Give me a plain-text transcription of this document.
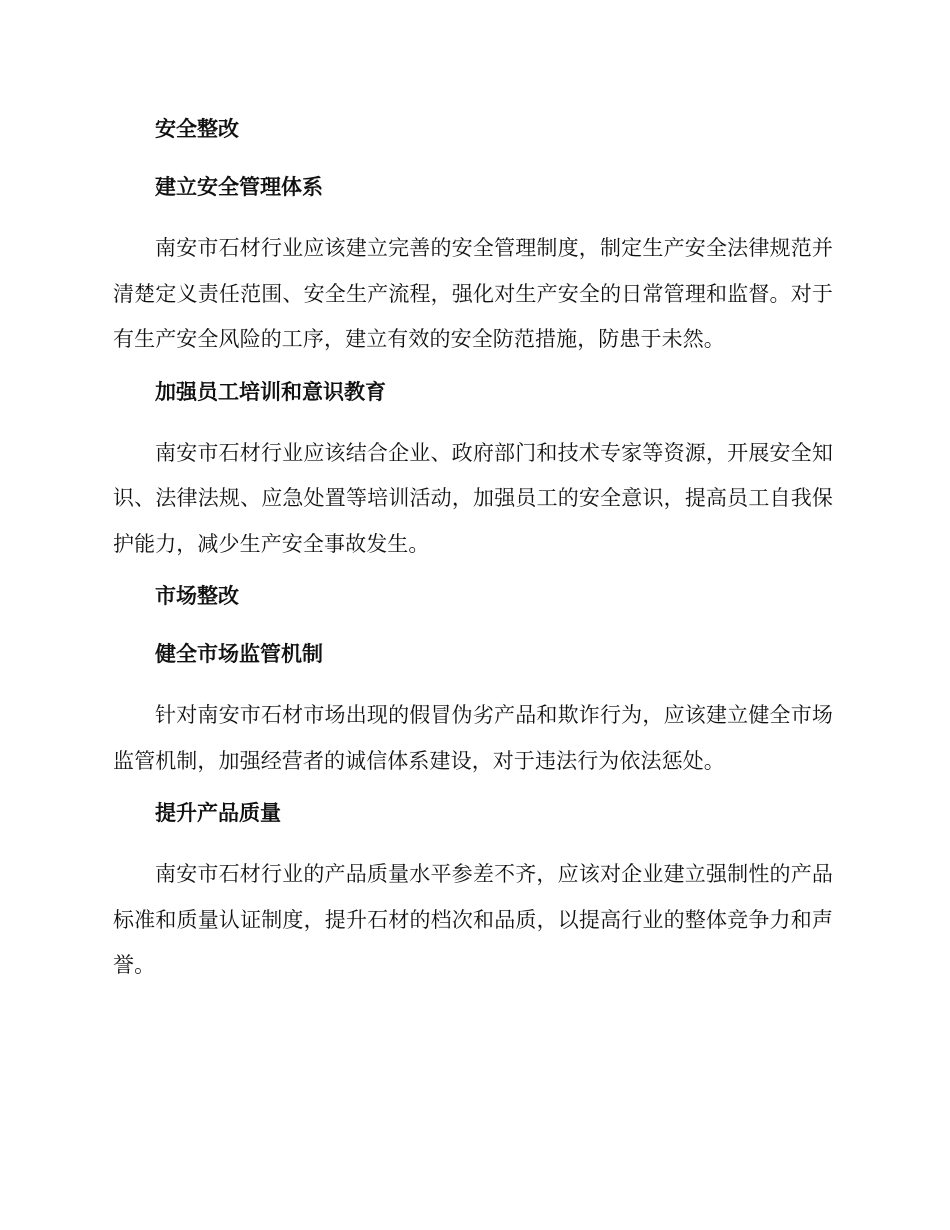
安全整改
建立安全管理体系

南安市石材行业应该建立完善的安全管理制度，制定生产安全法律规范并清楚定义责任范围、安全生产流程，强化对生产安全的日常管理和监督。对于有生产安全风险的工序，建立有效的安全防范措施，防患于未然。

加强员工培训和意识教育

南安市石材行业应该结合企业、政府部门和技术专家等资源，开展安全知识、法律法规、应急处置等培训活动，加强员工的安全意识，提高员工自我保护能力，减少生产安全事故发生。

市场整改
健全市场监管机制

针对南安市石材市场出现的假冒伪劣产品和欺诈行为，应该建立健全市场监管机制，加强经营者的诚信体系建设，对于违法行为依法惩处。

提升产品质量

南安市石材行业的产品质量水平参差不齐，应该对企业建立强制性的产品标准和质量认证制度，提升石材的档次和品质，以提高行业的整体竞争力和声誉。
